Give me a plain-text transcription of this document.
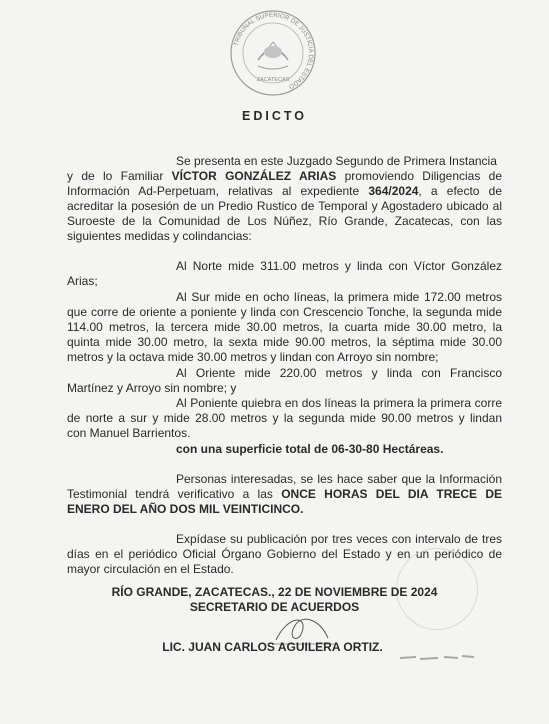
TRIBUNAL SUPERIOR DE JUSTICIA DEL ESTADO
ZACATECAS
EDICTO
Se presenta en este Juzgado Segundo de Primera Instancia
y de lo Familiar VÍCTOR GONZÁLEZ ARIAS promoviendo Diligencias de
Información Ad-Perpetuam, relativas al expediente 364/2024, a efecto de
acreditar la posesión de un Predio Rustico de Temporal y Agostadero ubicado al
Suroeste de la Comunidad de Los Núñez, Río Grande, Zacatecas, con las
siguientes medidas y colindancias:
Al Norte mide 311.00 metros y linda con Víctor González
Arias;
Al Sur mide en ocho líneas, la primera mide 172.00 metros
que corre de oriente a poniente y linda con Crescencio Tonche, la segunda mide
114.00 metros, la tercera mide 30.00 metros, la cuarta mide 30.00 metro, la
quinta mide 30.00 metro, la sexta mide 90.00 metros, la séptima mide 30.00
metros y la octava mide 30.00 metros y lindan con Arroyo sin nombre;
Al Oriente mide 220.00 metros y linda con Francisco
Martínez y Arroyo sin nombre; y
Al Poniente quiebra en dos líneas la primera la primera corre
de norte a sur y mide 28.00 metros y la segunda mide 90.00 metros y lindan
con Manuel Barrientos.
con una superficie total de 06-30-80 Hectáreas.
Personas interesadas, se les hace saber que la Información
Testimonial tendrá verificativo a las ONCE HORAS DEL DIA TRECE DE
ENERO DEL AÑO DOS MIL VEINTICINCO.
Expídase su publicación por tres veces con intervalo de tres
días en el periódico Oficial Órgano Gobierno del Estado y en un periódico de
mayor circulación en el Estado.
RÍO GRANDE, ZACATECAS., 22 DE NOVIEMBRE DE 2024
SECRETARIO DE ACUERDOS
LIC. JUAN CARLOS AGUILERA ORTIZ.
